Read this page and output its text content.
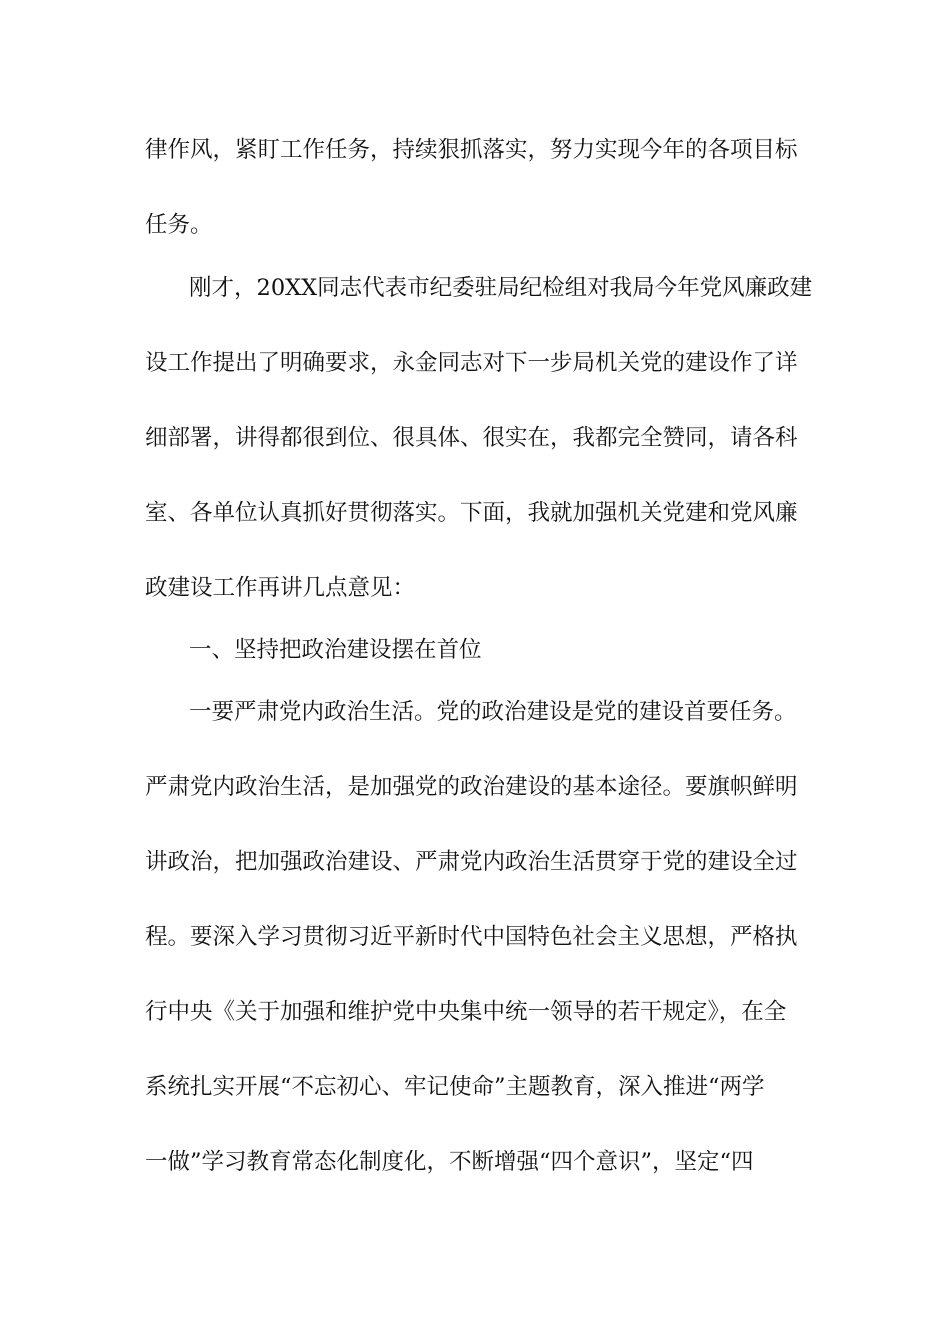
律作风，紧盯工作任务，持续狠抓落实，努力实现今年的各项目标
任务。
刚才，20XX同志代表市纪委驻局纪检组对我局今年党风廉政建
设工作提出了明确要求，永金同志对下一步局机关党的建设作了详
细部署，讲得都很到位、很具体、很实在，我都完全赞同，请各科
室、各单位认真抓好贯彻落实。下面，我就加强机关党建和党风廉
政建设工作再讲几点意见：
一、坚持把政治建设摆在首位
一要严肃党内政治生活。党的政治建设是党的建设首要任务。
严肃党内政治生活，是加强党的政治建设的基本途径。要旗帜鲜明
讲政治，把加强政治建设、严肃党内政治生活贯穿于党的建设全过
程。要深入学习贯彻习近平新时代中国特色社会主义思想，严格执
行中央《关于加强和维护党中央集中统一领导的若干规定》，在全
系统扎实开展“不忘初心、牢记使命”主题教育，深入推进“两学
一做”学习教育常态化制度化，不断增强“四个意识”，坚定“四
